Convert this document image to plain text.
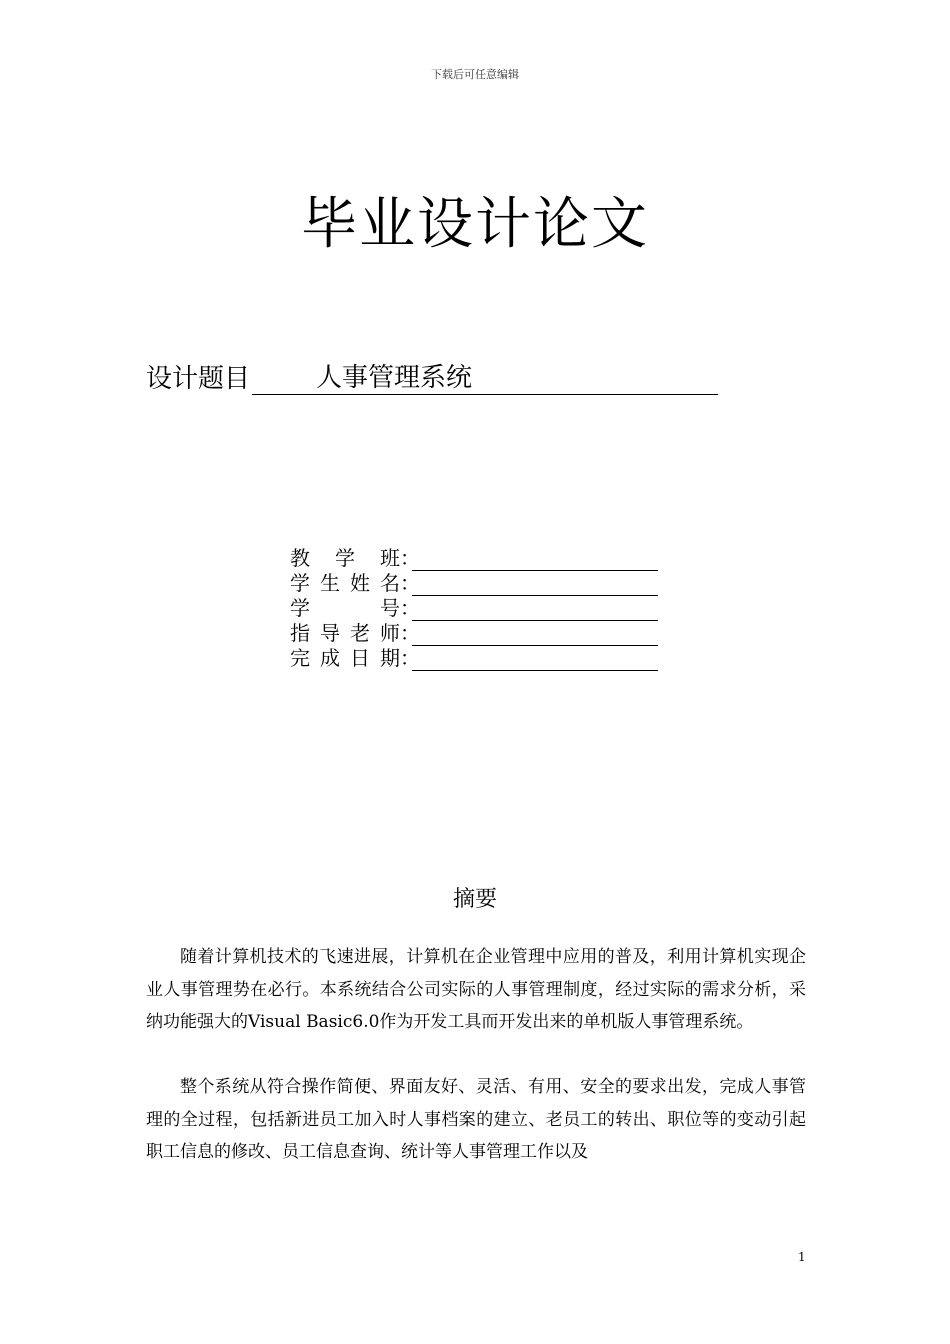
下载后可任意编辑
毕业设计论文
设计题目	人事管理系统
教 学 班 ：
学 生 姓 名 ：
学	号 ：
指 导 老 师 ：
完 成 日 期 ：
摘要

随着计算机技术的飞速进展，计算机在企业管理中应用的普及，利用计算机实现企业人事管理势在必行。本系统结合公司实际的人事管理制度，经过实际的需求分析，采纳功能强大的Visual Basic6.0作为开发工具而开发出来的单机版人事管理系统。

整个系统从符合操作简便、界面友好、灵活、有用、安全的要求出发，完成人事管理的全过程，包括新进员工加入时人事档案的建立、老员工的转出、职位等的变动引起职工信息的修改、员工信息查询、统计等人事管理工作以及

1
